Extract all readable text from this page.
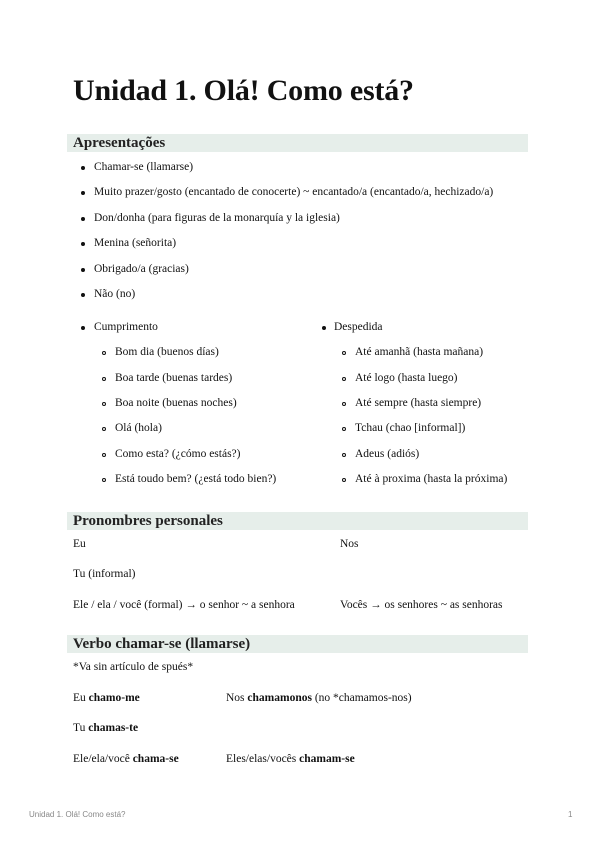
Unidad 1. Olá! Como está?
Apresentações
Chamar-se (llamarse)
Muito prazer/gosto (encantado de conocerte) ~ encantado/a (encantado/a, hechizado/a)
Don/donha (para figuras de la monarquía y la iglesia)
Menina (señorita)
Obrigado/a (gracias)
Não (no)
Cumprimento
Bom dia (buenos días)
Boa tarde (buenas tardes)
Boa noite (buenas noches)
Olá (hola)
Como esta? (¿cómo estás?)
Está toudo bem? (¿está todo bien?)
Despedida
Até amanhã (hasta mañana)
Até logo (hasta luego)
Até sempre (hasta siempre)
Tchau (chao [informal])
Adeus (adiós)
Até à proxima (hasta la próxima)
Pronombres personales
Eu	Nos
Tu (informal)
Ele / ela / você (formal) → o senhor ~ a senhora	Vocês → os senhores ~ as senhoras
Verbo chamar-se (llamarse)
*Va sin artículo de spués*
Eu chamo-me	Nos chamamonos (no *chamamos-nos)
Tu chamas-te
Ele/ela/você chama-se	Eles/elas/vocês chamam-se
Unidad 1. Olá! Como está?	1
